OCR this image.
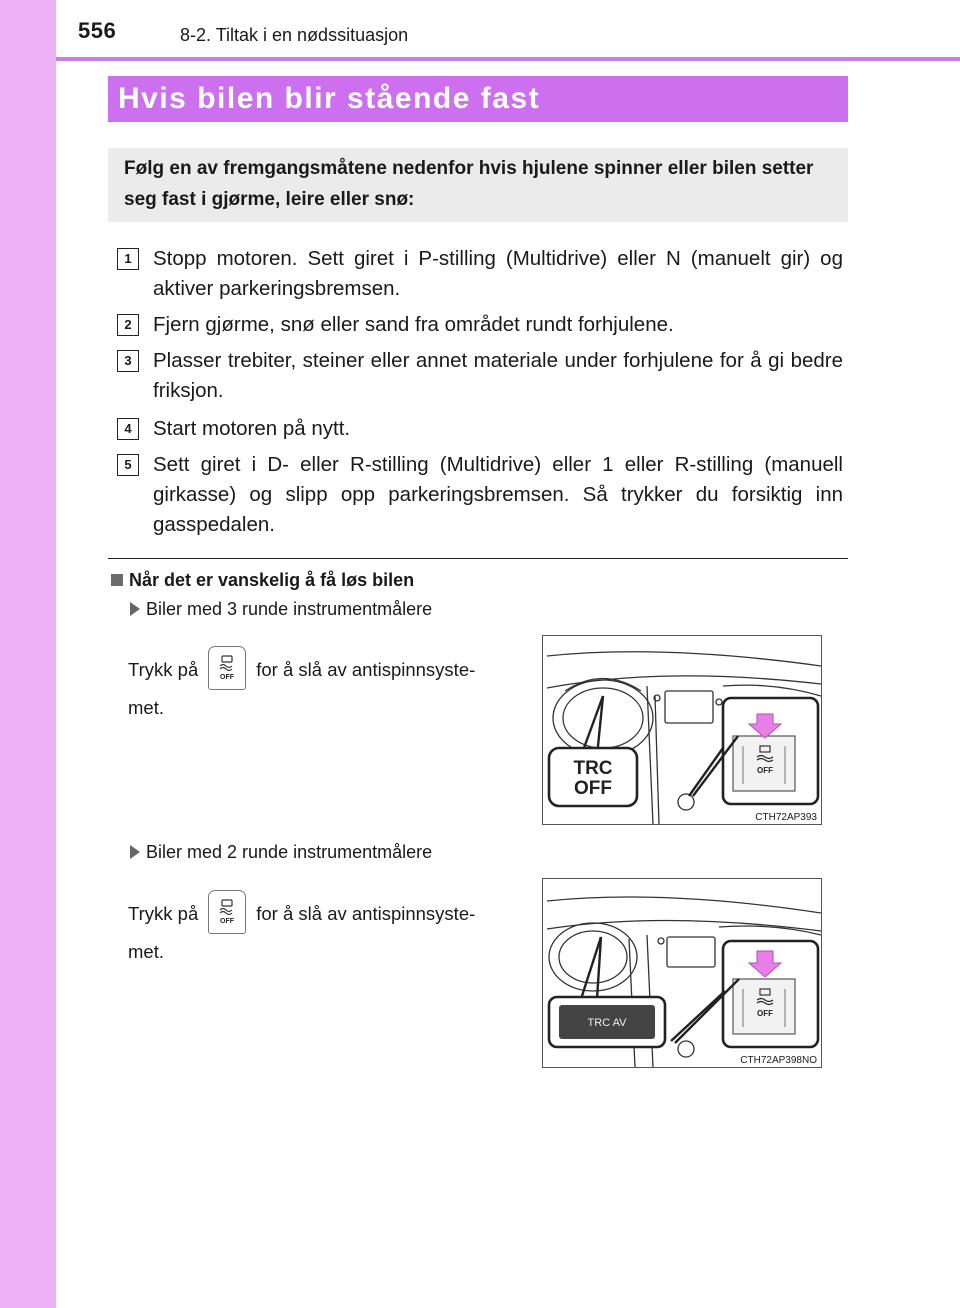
556	8-2. Tiltak i en nødssituasjon
Hvis bilen blir stående fast
Følg en av fremgangsmåtene nedenfor hvis hjulene spinner eller bilen setter seg fast i gjørme, leire eller snø:
1	Stopp motoren. Sett giret i P-stilling (Multidrive) eller N (manuelt gir) og aktiver parkeringsbremsen.
2	Fjern gjørme, snø eller sand fra området rundt forhjulene.
3	Plasser trebiter, steiner eller annet materiale under forhjulene for å gi bedre friksjon.
4	Start motoren på nytt.
5	Sett giret i D- eller R-stilling (Multidrive) eller 1 eller R-stilling (manuell girkasse) og slipp opp parkeringsbremsen. Så trykker du forsiktig inn gasspedalen.
Når det er vanskelig å få løs bilen
Biler med 3 runde instrumentmålere
Trykk på	OFF for å slå av antispinnsyste-
met.
OFF
TRC
OFF
CTH72AP393
Biler med 2 runde instrumentmålere
Trykk på	OFF for å slå av antispinnsyste-
met.
OFF
TRC AV
CTH72AP398NO
